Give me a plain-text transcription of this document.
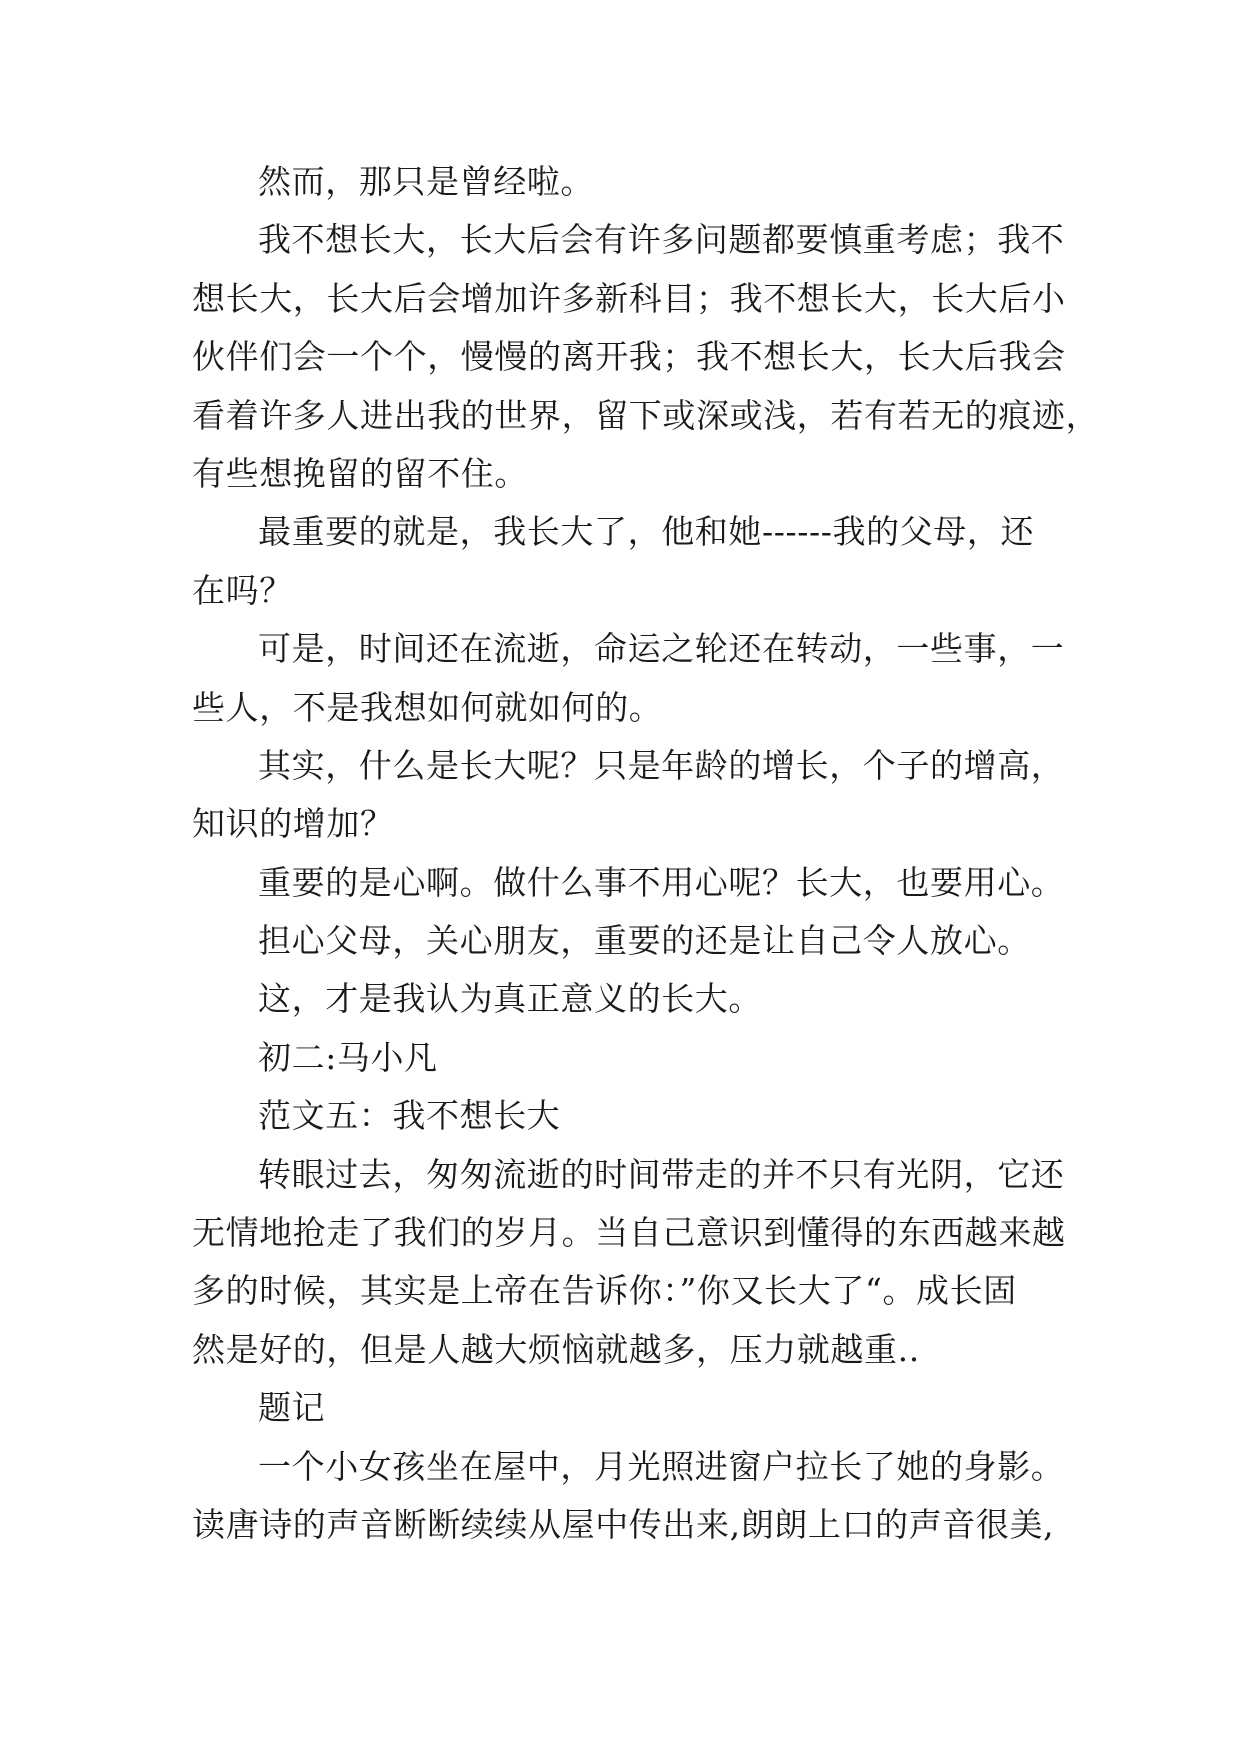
然而，那只是曾经啦。
我不想长大，长大后会有许多问题都要慎重考虑；我不
想长大，长大后会增加许多新科目；我不想长大，长大后小
伙伴们会一个个，慢慢的离开我；我不想长大，长大后我会
看着许多人进出我的世界，留下或深或浅，若有若无的痕迹，
有些想挽留的留不住。
最重要的就是，我长大了，他和她------我的父母，还
在吗？
可是，时间还在流逝，命运之轮还在转动，一些事，一
些人，不是我想如何就如何的。
其实，什么是长大呢？只是年龄的增长，个子的增高，
知识的增加？
重要的是心啊。做什么事不用心呢？长大，也要用心。
担心父母，关心朋友，重要的还是让自己令人放心。
这，才是我认为真正意义的长大。
初二:马小凡
范文五：我不想长大
转眼过去，匆匆流逝的时间带走的并不只有光阴，它还
无情地抢走了我们的岁月。当自己意识到懂得的东西越来越
多的时候，其实是上帝在告诉你：”你又长大了“。成长固
然是好的，但是人越大烦恼就越多，压力就越重..
题记
一个小女孩坐在屋中，月光照进窗户拉长了她的身影。
读唐诗的声音断断续续从屋中传出来,朗朗上口的声音很美,
